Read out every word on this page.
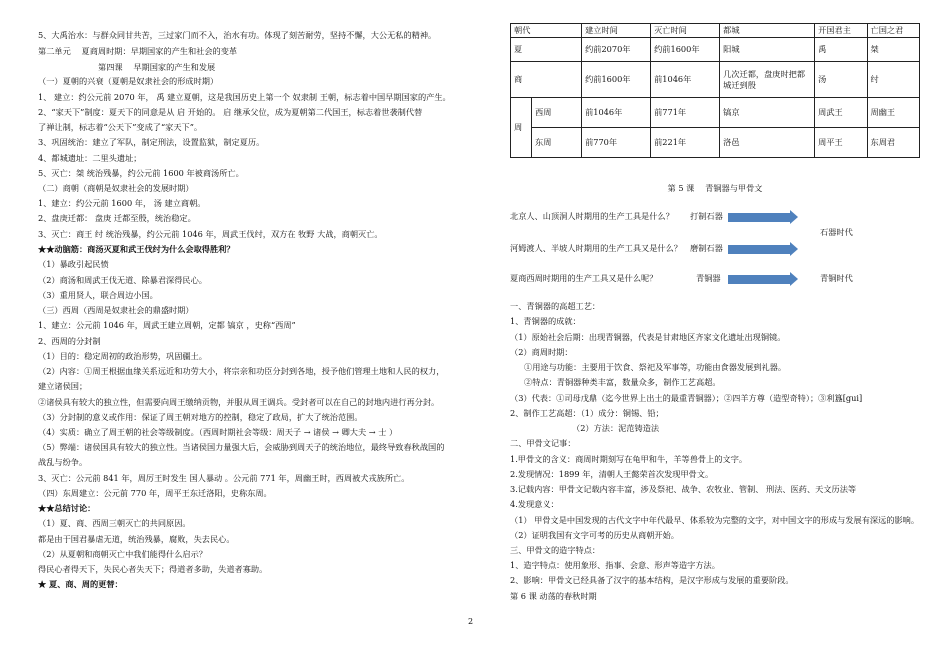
5、大禹治水：与群众同甘共苦，三过家门而不入，治水有功。体现了刻苦耐劳，坚持不懈，大公无私的精神。
第二单元　 夏商周时期：早期国家的产生和社会的变革
第四课　 早期国家的产生和发展
（一）夏朝的兴衰（夏朝是奴隶社会的形成时期）
1、 建立：约公元前 2070 年， 禹 建立夏朝，这是我国历史上第一个 奴隶制 王朝，标志着中国早期国家的产生。
2、“家天下”制度：夏天下的同意是从 启 开始的。 启 继承父位，成为夏朝第二代国王，标志着世袭制代替
了禅让制，标志着“公天下”变成了“家天下”。
3、巩固统治：建立了军队，制定刑法，设置监狱，制定夏历。
4、都城遗址：二里头遗址；
5、灭亡：桀 统治残暴，约公元前 1600 年被商汤所亡。
（二）商朝（商朝是奴隶社会的发展时期）
1、建立：约公元前 1600 年， 汤 建立商朝。
2、盘庚迁都： 盘庚 迁都至殷，统治稳定。
3、灭亡：商王 纣 统治残暴，约公元前 1046 年，周武王伐纣，双方在 牧野 大战，商朝灭亡。
★★动脑筋：商汤灭夏和武王伐纣为什么会取得胜利？
（1）暴政引起民愤
（2）商汤和周武王伐无道、除暴君深得民心。
（3）重用贤人，联合周边小国。
（三）西周（西周是奴隶社会的鼎盛时期）
1、建立：公元前 1046 年，周武王建立周朝，定都 镐京 ，史称“西周”
2、西周的分封制
（1）目的：稳定周初的政治形势，巩固疆土。
（2）内容：①周王根据血缘关系远近和功劳大小，将宗亲和功臣分封到各地，授予他们管理土地和人民的权力，
建立诸侯国；
②诸侯具有较大的独立性，但需要向周王缴纳贡物，并服从周王调兵。受封者可以在自己的封地内进行再分封。
（3）分封制的意义或作用：保证了周王朝对地方的控制，稳定了政局，扩大了统治范围。
（4）实质：确立了周王朝的社会等级制度。（西周时期社会等级：周天子 → 诸侯 → 卿大夫 → 士 ）
（5）弊端：诸侯国具有较大的独立性。当诸侯国力量强大后，会威胁到周天子的统治地位，最终导致春秋战国的
战乱与纷争。
3、灭亡：公元前 841 年，周厉王时发生 国人暴动 。公元前 771 年，周幽王时，西周被犬戎族所亡。
（四）东周建立：公元前 770 年，周平王东迁洛阳，史称东周。
★★总结讨论：
（1）夏、商、西周三朝灭亡的共同原因。
都是由于国君暴虐无道，统治残暴，腐败，失去民心。
（2）从夏朝和商朝灭亡中我们能得什么启示？
得民心者得天下，失民心者失天下；得道者多助，失道者寡助。
★ 夏、商、周的更替：
朝代		建立时间	灭亡时间	都城	开国君主	亡国之君
夏		约前2070年	约前1600年	阳城	禹	桀
商		约前1600年	前1046年	几次迁都，盘庚时把都城迁到殷	汤	纣
周	西周	前1046年	前771年	镐京	周武王	周幽王
	东周	前770年	前221年	洛邑	周平王	东周君
第 5 课　 青铜器与甲骨文
北京人、山顶洞人时期用的生产工具是什么？ 打制石器
石器时代
河姆渡人、半坡人时期用的生产工具又是什么？ 磨制石器
夏商西周时期用的生产工具又是什么呢？	青铜器	青铜时代
一、青铜器的高超工艺：
1、青铜器的成就：
（1）原始社会后期：出现青铜器，代表是甘肃地区齐家文化遗址出现铜镜。
（2）商周时期：
①用途与功能：主要用于饮食、祭祀及军事等，功能由食器发展到礼器。
②特点：青铜器种类丰富，数量众多，制作工艺高超。
（3）代表：①司母戊鼎（迄今世界上出土的最重青铜器）；②四羊方尊（造型奇特）；③利簋[gui]
2、制作工艺高超：（1）成分：铜锡、铅；
（2）方法：泥范铸造法
二、甲骨文记事：
1.甲骨文的含义：商周时期刻写在龟甲和牛，羊等兽骨上的文字。
2.发现情况：1899 年，清朝人王懿荣首次发现甲骨文。
3.记载内容：甲骨文记载内容丰富，涉及祭祀、战争、农牧业、管制、 刑法、医药、天文历法等
4.发现意义：
（1） 甲骨文是中国发现的古代文字中年代最早、体系较为完整的文字，对中国文字的形成与发展有深远的影响。
（2）证明我国有文字可考的历史从商朝开始。
三、甲骨文的造字特点：
1、造字特点：使用象形、指事、会意、形声等造字方法。
2、影响：甲骨文已经具备了汉字的基本结构，是汉字形成与发展的重要阶段。
第 6 课 动荡的春秋时期
2
